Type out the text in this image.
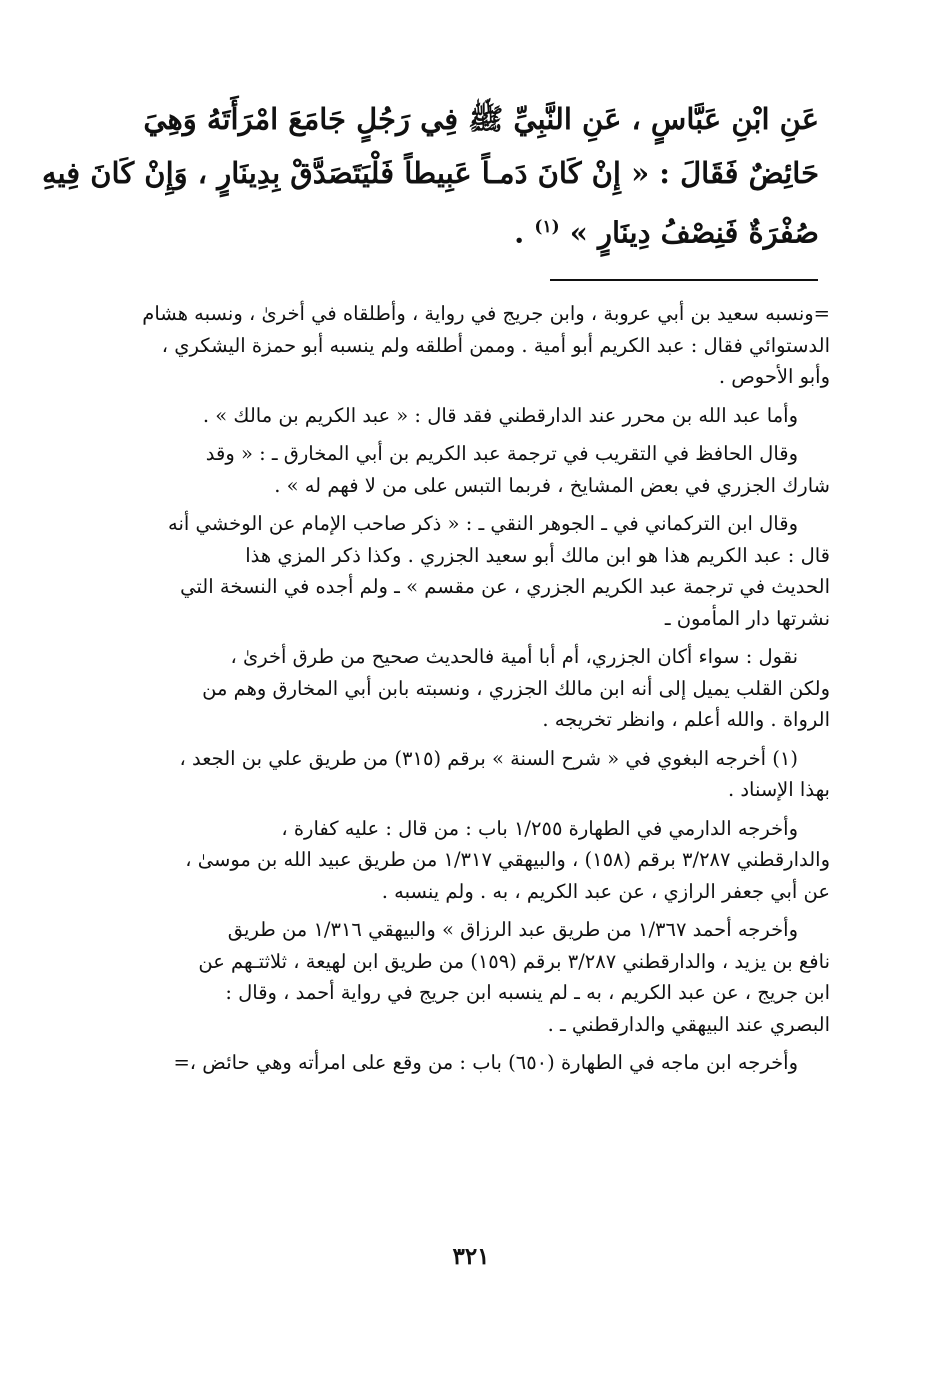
عَنِ ابْنِ عَبَّاسٍ ، عَنِ النَّبِيِّ ﷺ فِي رَجُلٍ جَامَعَ امْرَأَتَهُ وَهِيَ
حَائِضٌ فَقَالَ : « إِنْ كَانَ دَمـاً عَبِيطاً فَلْيَتَصَدَّقْ بِدِينَارٍ ، وَإِنْ كَانَ فِيهِ
صُفْرَةٌ فَنِصْفُ دِينَارٍ » $^{(١)}$ .
=ونسبه سعيد بن أبي عروبة ، وابن جريج في رواية ، وأطلقاه في أخرىٰ ، ونسبه هشام
الدستوائي فقال : عبد الكريم أبو أمية . وممن أطلقه ولم ينسبه أبو حمزة اليشكري ،
وأبو الأحوص .
وأما عبد الله بن محرر عند الدارقطني فقد قال : « عبد الكريم بن مالك » .
وقال الحافظ في التقريب في ترجمة عبد الكريم بن أبي المخارق ـ : « وقد
شارك الجزري في بعض المشايخ ، فربما التبس على من لا فهم له » .
وقال ابن التركماني في ـ الجوهر النقي ـ : « ذكر صاحب الإمام عن الوخشي أنه
قال : عبد الكريم هذا هو ابن مالك أبو سعيد الجزري . وكذا ذكر المزي هذا
الحديث في ترجمة عبد الكريم الجزري ، عن مقسم » ـ ولم أجده في النسخة التي
نشرتها دار المأمون ـ
نقول : سواء أكان الجزري، أم أبا أمية فالحديث صحيح من طرق أخرىٰ ،
ولكن القلب يميل إلى أنه ابن مالك الجزري ، ونسبته بابن أبي المخارق وهم من
الرواة . والله أعلم ، وانظر تخريجه .
(١) أخرجه البغوي في « شرح السنة » برقم (٣١٥) من طريق علي بن الجعد ،
بهذا الإسناد .
وأخرجه الدارمي في الطهارة ١/٢٥٥ باب : من قال : عليه كفارة ،
والدارقطني ٣/٢٨٧ برقم (١٥٨) ، والبيهقي ١/٣١٧ من طريق عبيد الله بن موسىٰ ،
عن أبي جعفر الرازي ، عن عبد الكريم ، به . ولم ينسبه .
وأخرجه أحمد ١/٣٦٧ من طريق عبد الرزاق » والبيهقي ١/٣١٦ من طريق
نافع بن يزيد ، والدارقطني ٣/٢٨٧ برقم (١٥٩) من طريق ابن لهيعة ، ثلاثتـهم عن
ابن جريج ، عن عبد الكريم ، به ـ لم ينسبه ابن جريج في رواية أحمد ، وقال :
البصري عند البيهقي والدارقطني ـ .
وأخرجه ابن ماجه في الطهارة (٦٥٠) باب : من وقع على امرأته وهي حائض ،=
٣٢١
